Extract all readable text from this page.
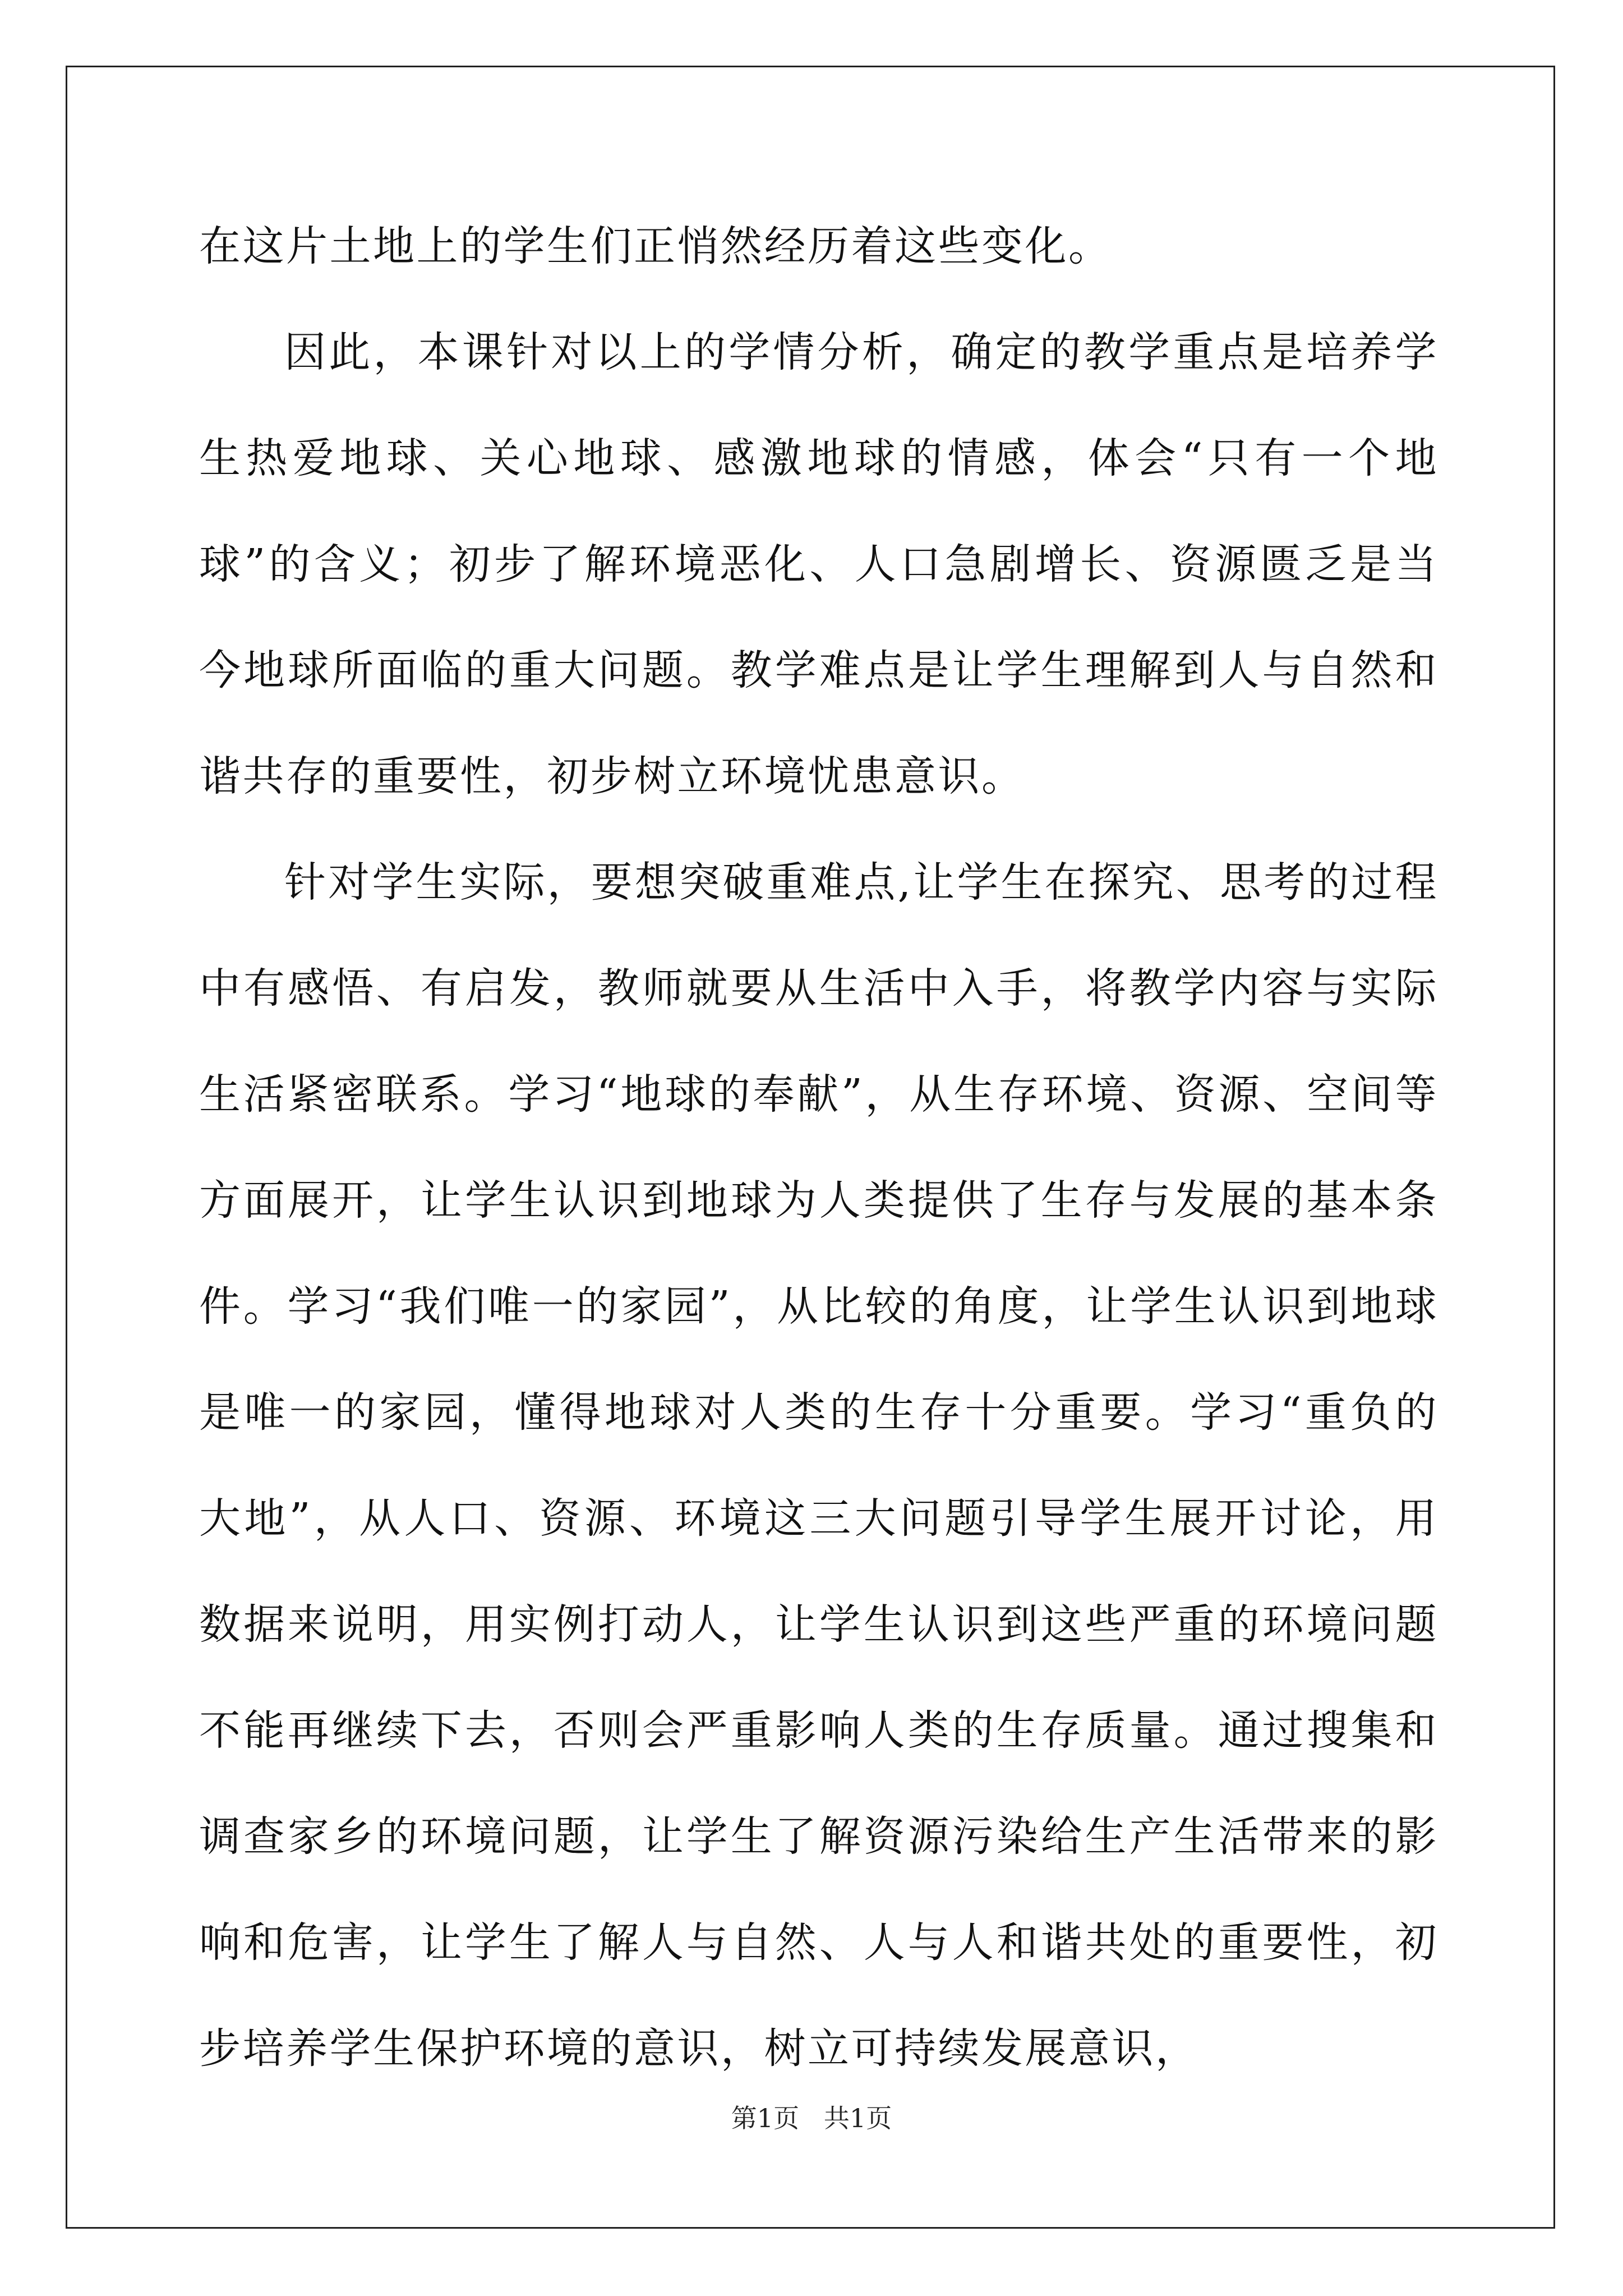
在这片土地上的学生们正悄然经历着这些变化。

因此，本课针对以上的学情分析，确定的教学重点是培养学生热爱地球、关心地球、感激地球的情感，体会“只有一个地球”的含义；初步了解环境恶化、人口急剧增长、资源匮乏是当今地球所面临的重大问题。教学难点是让学生理解到人与自然和谐共存的重要性，初步树立环境忧患意识。

针对学生实际，要想突破重难点,让学生在探究、思考的过程中有感悟、有启发，教师就要从生活中入手，将教学内容与实际生活紧密联系。学习“地球的奉献”，从生存环境、资源、空间等方面展开，让学生认识到地球为人类提供了生存与发展的基本条件。学习“我们唯一的家园”，从比较的角度，让学生认识到地球是唯一的家园，懂得地球对人类的生存十分重要。学习“重负的大地”，从人口、资源、环境这三大问题引导学生展开讨论，用数据来说明，用实例打动人，让学生认识到这些严重的环境问题不能再继续下去，否则会严重影响人类的生存质量。通过搜集和调查家乡的环境问题，让学生了解资源污染给生产生活带来的影响和危害，让学生了解人与自然、人与人和谐共处的重要性，初步培养学生保护环境的意识，树立可持续发展意识，

第1页   共1页
